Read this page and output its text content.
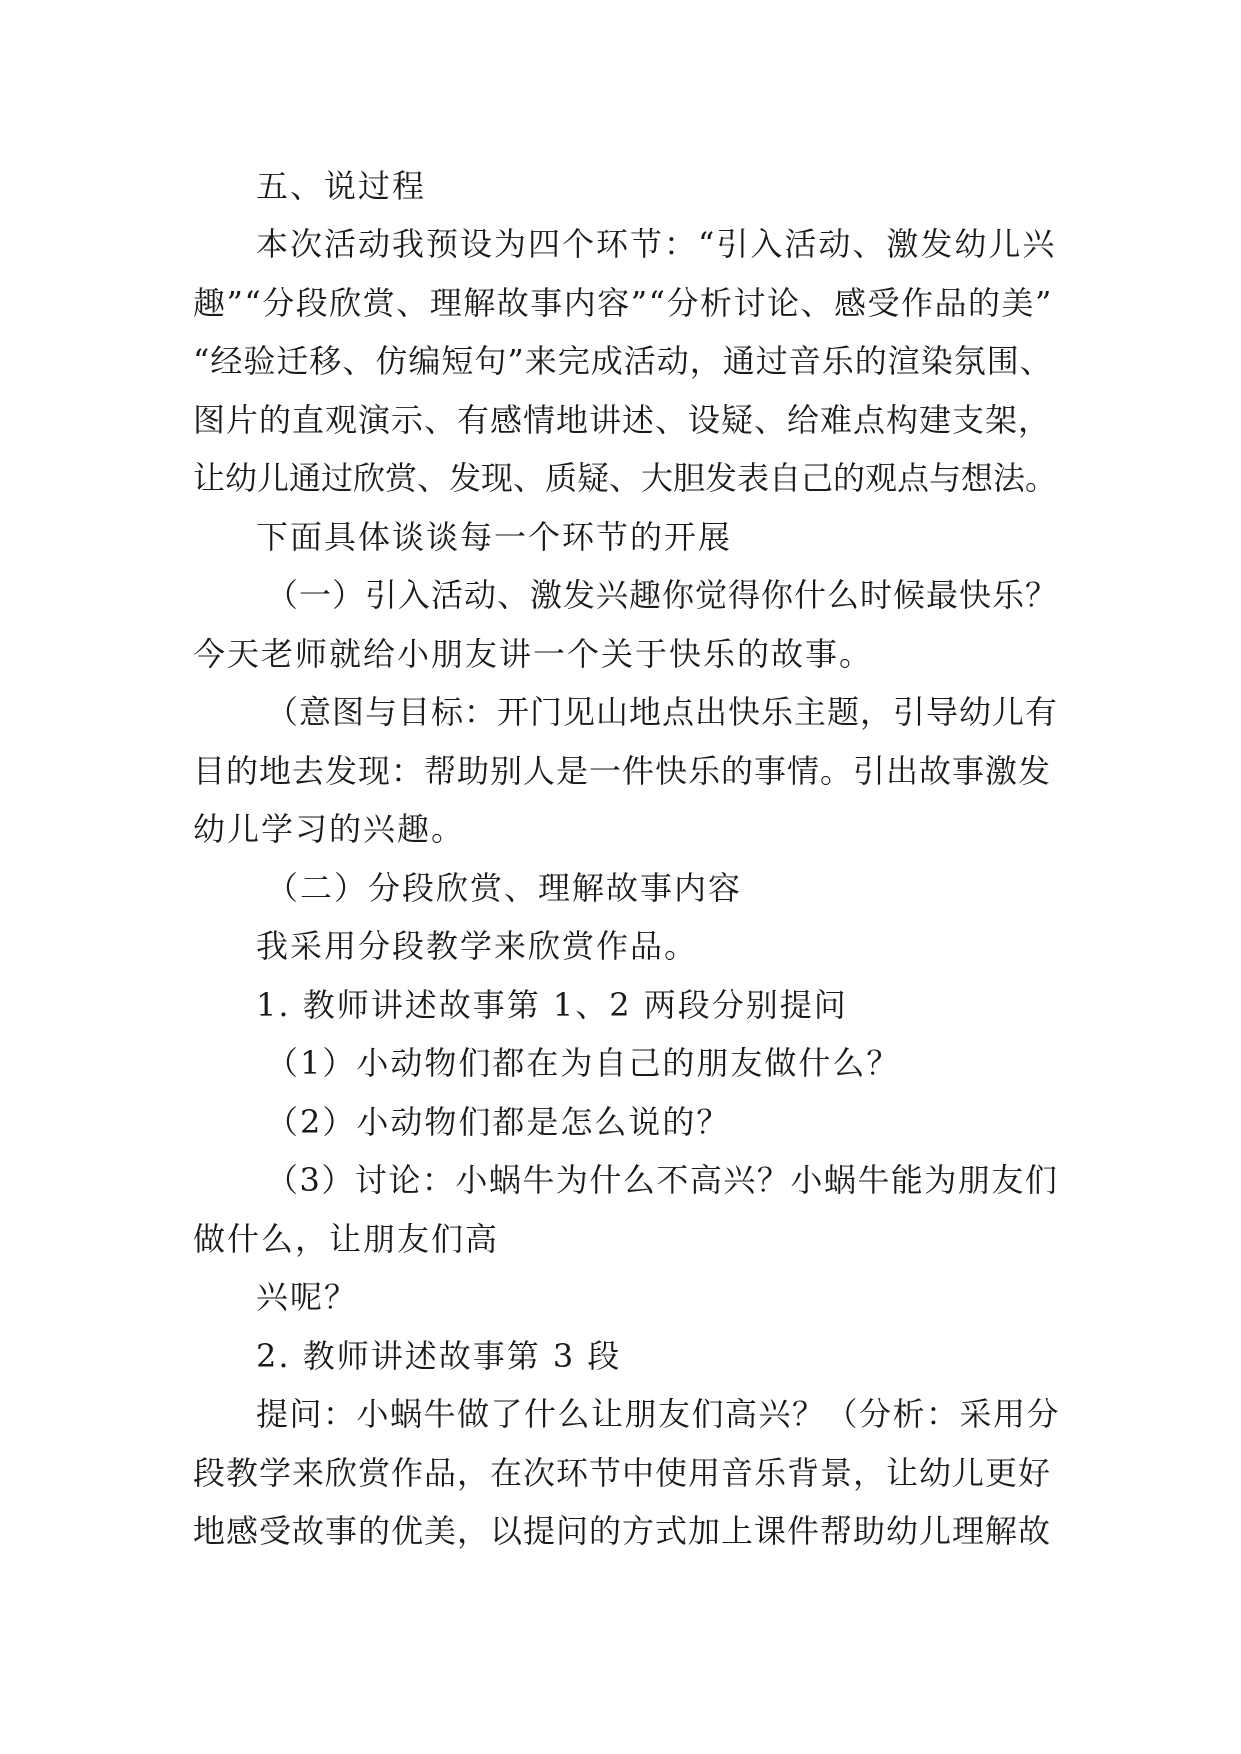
五、说过程
本次活动我预设为四个环节：“引入活动、激发幼儿兴
趣”“分段欣赏、理解故事内容”“分析讨论、感受作品的美”
“经验迁移、仿编短句”来完成活动，通过音乐的渲染氛围、
图片的直观演示、有感情地讲述、设疑、给难点构建支架，
让幼儿通过欣赏、发现、质疑、大胆发表自己的观点与想法。
下面具体谈谈每一个环节的开展
（一）引入活动、激发兴趣你觉得你什么时候最快乐？
今天老师就给小朋友讲一个关于快乐的故事。
（意图与目标：开门见山地点出快乐主题，引导幼儿有
目的地去发现：帮助别人是一件快乐的事情。引出故事激发
幼儿学习的兴趣。
（二）分段欣赏、理解故事内容
我采用分段教学来欣赏作品。
1. 教师讲述故事第 1、2 两段分别提问
（1）小动物们都在为自己的朋友做什么？
（2）小动物们都是怎么说的？
（3）讨论：小蜗牛为什么不高兴？小蜗牛能为朋友们
做什么，让朋友们高
兴呢？
2. 教师讲述故事第 3 段
提问：小蜗牛做了什么让朋友们高兴？（分析：采用分
段教学来欣赏作品，在次环节中使用音乐背景，让幼儿更好
地感受故事的优美，以提问的方式加上课件帮助幼儿理解故
